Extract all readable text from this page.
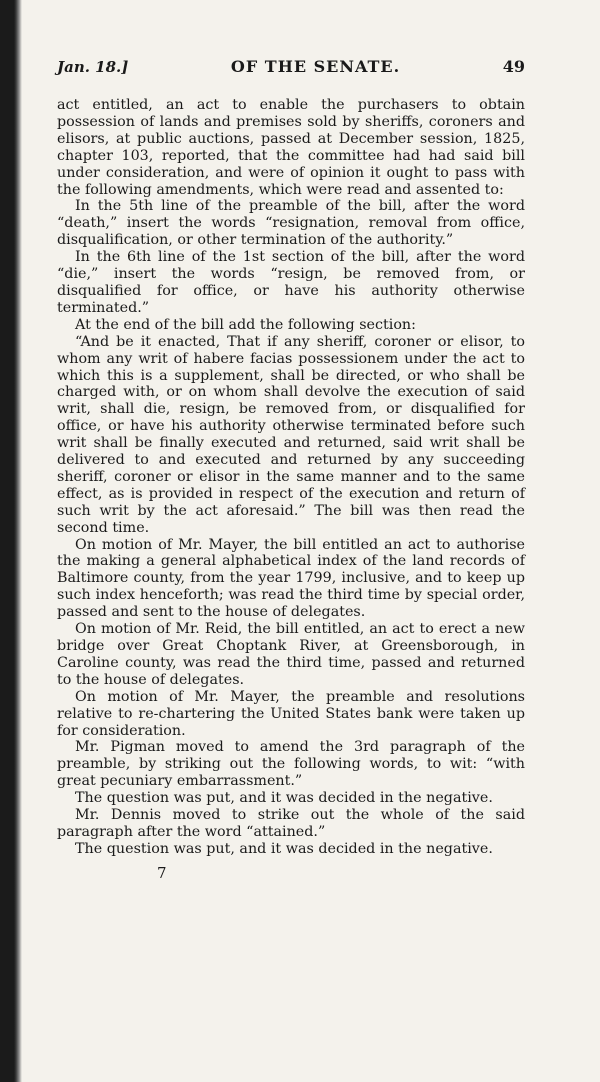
Jan. 18.]	OF THE SENATE.	49

act entitled, an act to enable the purchasers to obtain possession of lands and premises sold by sheriffs, coroners and elisors, at public auctions, passed at December session, 1825, chapter 103, reported, that the committee had had said bill under consideration, and were of opinion it ought to pass with the following amendments, which were read and assented to:

In the 5th line of the preamble of the bill, after the word “death,” insert the words “resignation, removal from office, disqualification, or other termination of the authority.”

In the 6th line of the 1st section of the bill, after the word “die,” insert the words “resign, be removed from, or disqualified for office, or have his authority otherwise terminated.”

At the end of the bill add the following section:

“And be it enacted, That if any sheriff, coroner or elisor, to whom any writ of habere facias possessionem under the act to which this is a supplement, shall be directed, or who shall be charged with, or on whom shall devolve the execution of said writ, shall die, resign, be removed from, or disqualified for office, or have his authority otherwise terminated before such writ shall be finally executed and returned, said writ shall be delivered to and executed and returned by any succeeding sheriff, coroner or elisor in the same manner and to the same effect, as is provided in respect of the execution and return of such writ by the act aforesaid.” The bill was then read the second time.

On motion of Mr. Mayer, the bill entitled an act to authorise the making a general alphabetical index of the land records of Baltimore county, from the year 1799, inclusive, and to keep up such index henceforth; was read the third time by special order, passed and sent to the house of delegates.

On motion of Mr. Reid, the bill entitled, an act to erect a new bridge over Great Choptank River, at Greensborough, in Caroline county, was read the third time, passed and returned to the house of delegates.

On motion of Mr. Mayer, the preamble and resolutions relative to re-chartering the United States bank were taken up for consideration.

Mr. Pigman moved to amend the 3rd paragraph of the preamble, by striking out the following words, to wit: “with great pecuniary embarrassment.”

The question was put, and it was decided in the negative.

Mr. Dennis moved to strike out the whole of the said paragraph after the word “attained.”

The question was put, and it was decided in the negative.

7
